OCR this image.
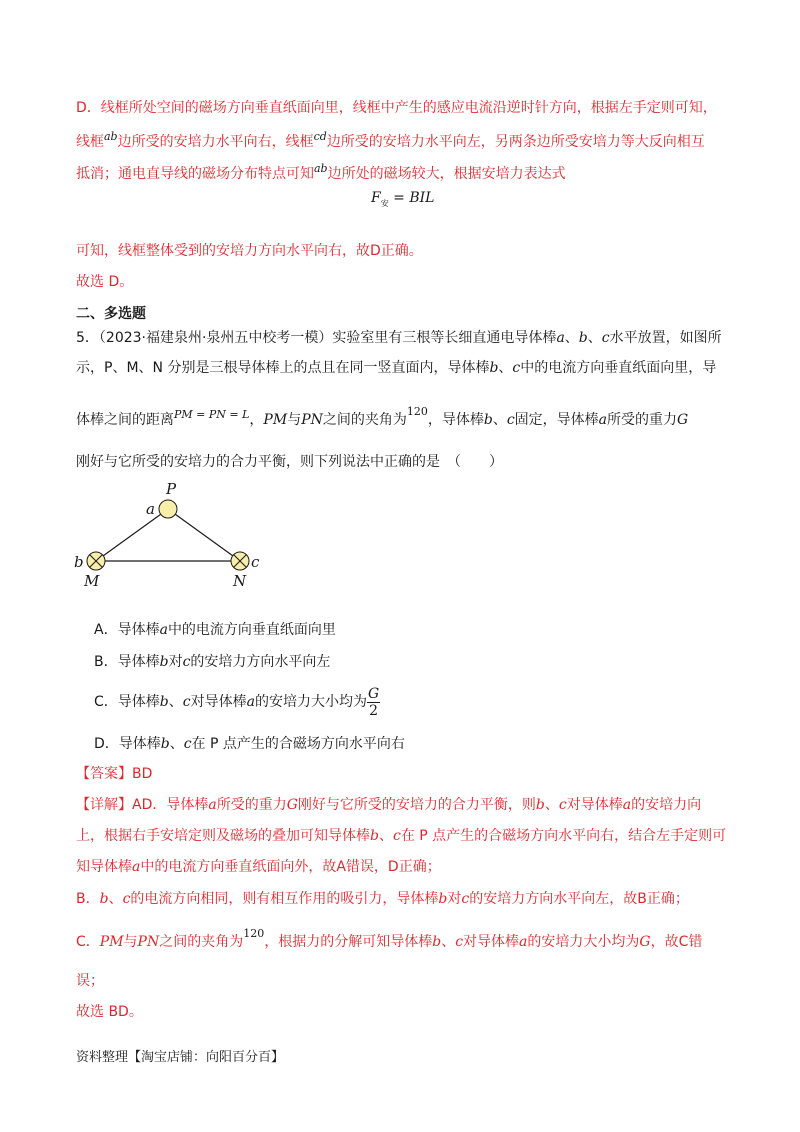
D．线框所处空间的磁场方向垂直纸面向里，线框中产生的感应电流沿逆时针方向，根据左手定则可知，
线框$^{ab}$边所受的安培力水平向右，线框$^{cd}$边所受的安培力水平向左，另两条边所受安培力等大反向相互
抵消；通电直导线的磁场分布特点可知$^{ab}$边所处的磁场较大，根据安培力表达式
$F_安$ = BIL
可知，线框整体受到的安培力方向水平向右，故D正确。
故选 D。
二、多选题
5．（2023·福建泉州·泉州五中校考一模）实验室里有三根等长细直通电导体棒a、b、c水平放置，如图所
示，P、M、N 分别是三根导体棒上的点且在同一竖直面内，导体棒b、c中的电流方向垂直纸面向里，导
体棒之间的距离$^{PM = PN = L}$，PM与PN之间的夹角为$^{120}$，导体棒b、c固定，导体棒a所受的重力G
刚好与它所受的安培力的合力平衡，则下列说法中正确的是　（　　）
P
a
b
M
c
N
A．导体棒a中的电流方向垂直纸面向里
B．导体棒b对c的安培力方向水平向左
C．导体棒b、c对导体棒a的安培力大小均为 $\frac{G}{2}$
D．导体棒b、c在 P 点产生的合磁场方向水平向右
【答案】BD
【详解】AD．导体棒a所受的重力G刚好与它所受的安培力的合力平衡，则b、c对导体棒a的安培力向
上，根据右手安培定则及磁场的叠加可知导体棒b、c在 P 点产生的合磁场方向水平向右，结合左手定则可
知导体棒a中的电流方向垂直纸面向外，故A错误，D正确；
B．b、c的电流方向相同，则有相互作用的吸引力，导体棒b对c的安培力方向水平向左，故B正确；
C．PM与PN之间的夹角为$^{120}$，根据力的分解可知导体棒b、c对导体棒a的安培力大小均为G，故C错
误；
故选 BD。
资料整理【淘宝店铺：向阳百分百】
